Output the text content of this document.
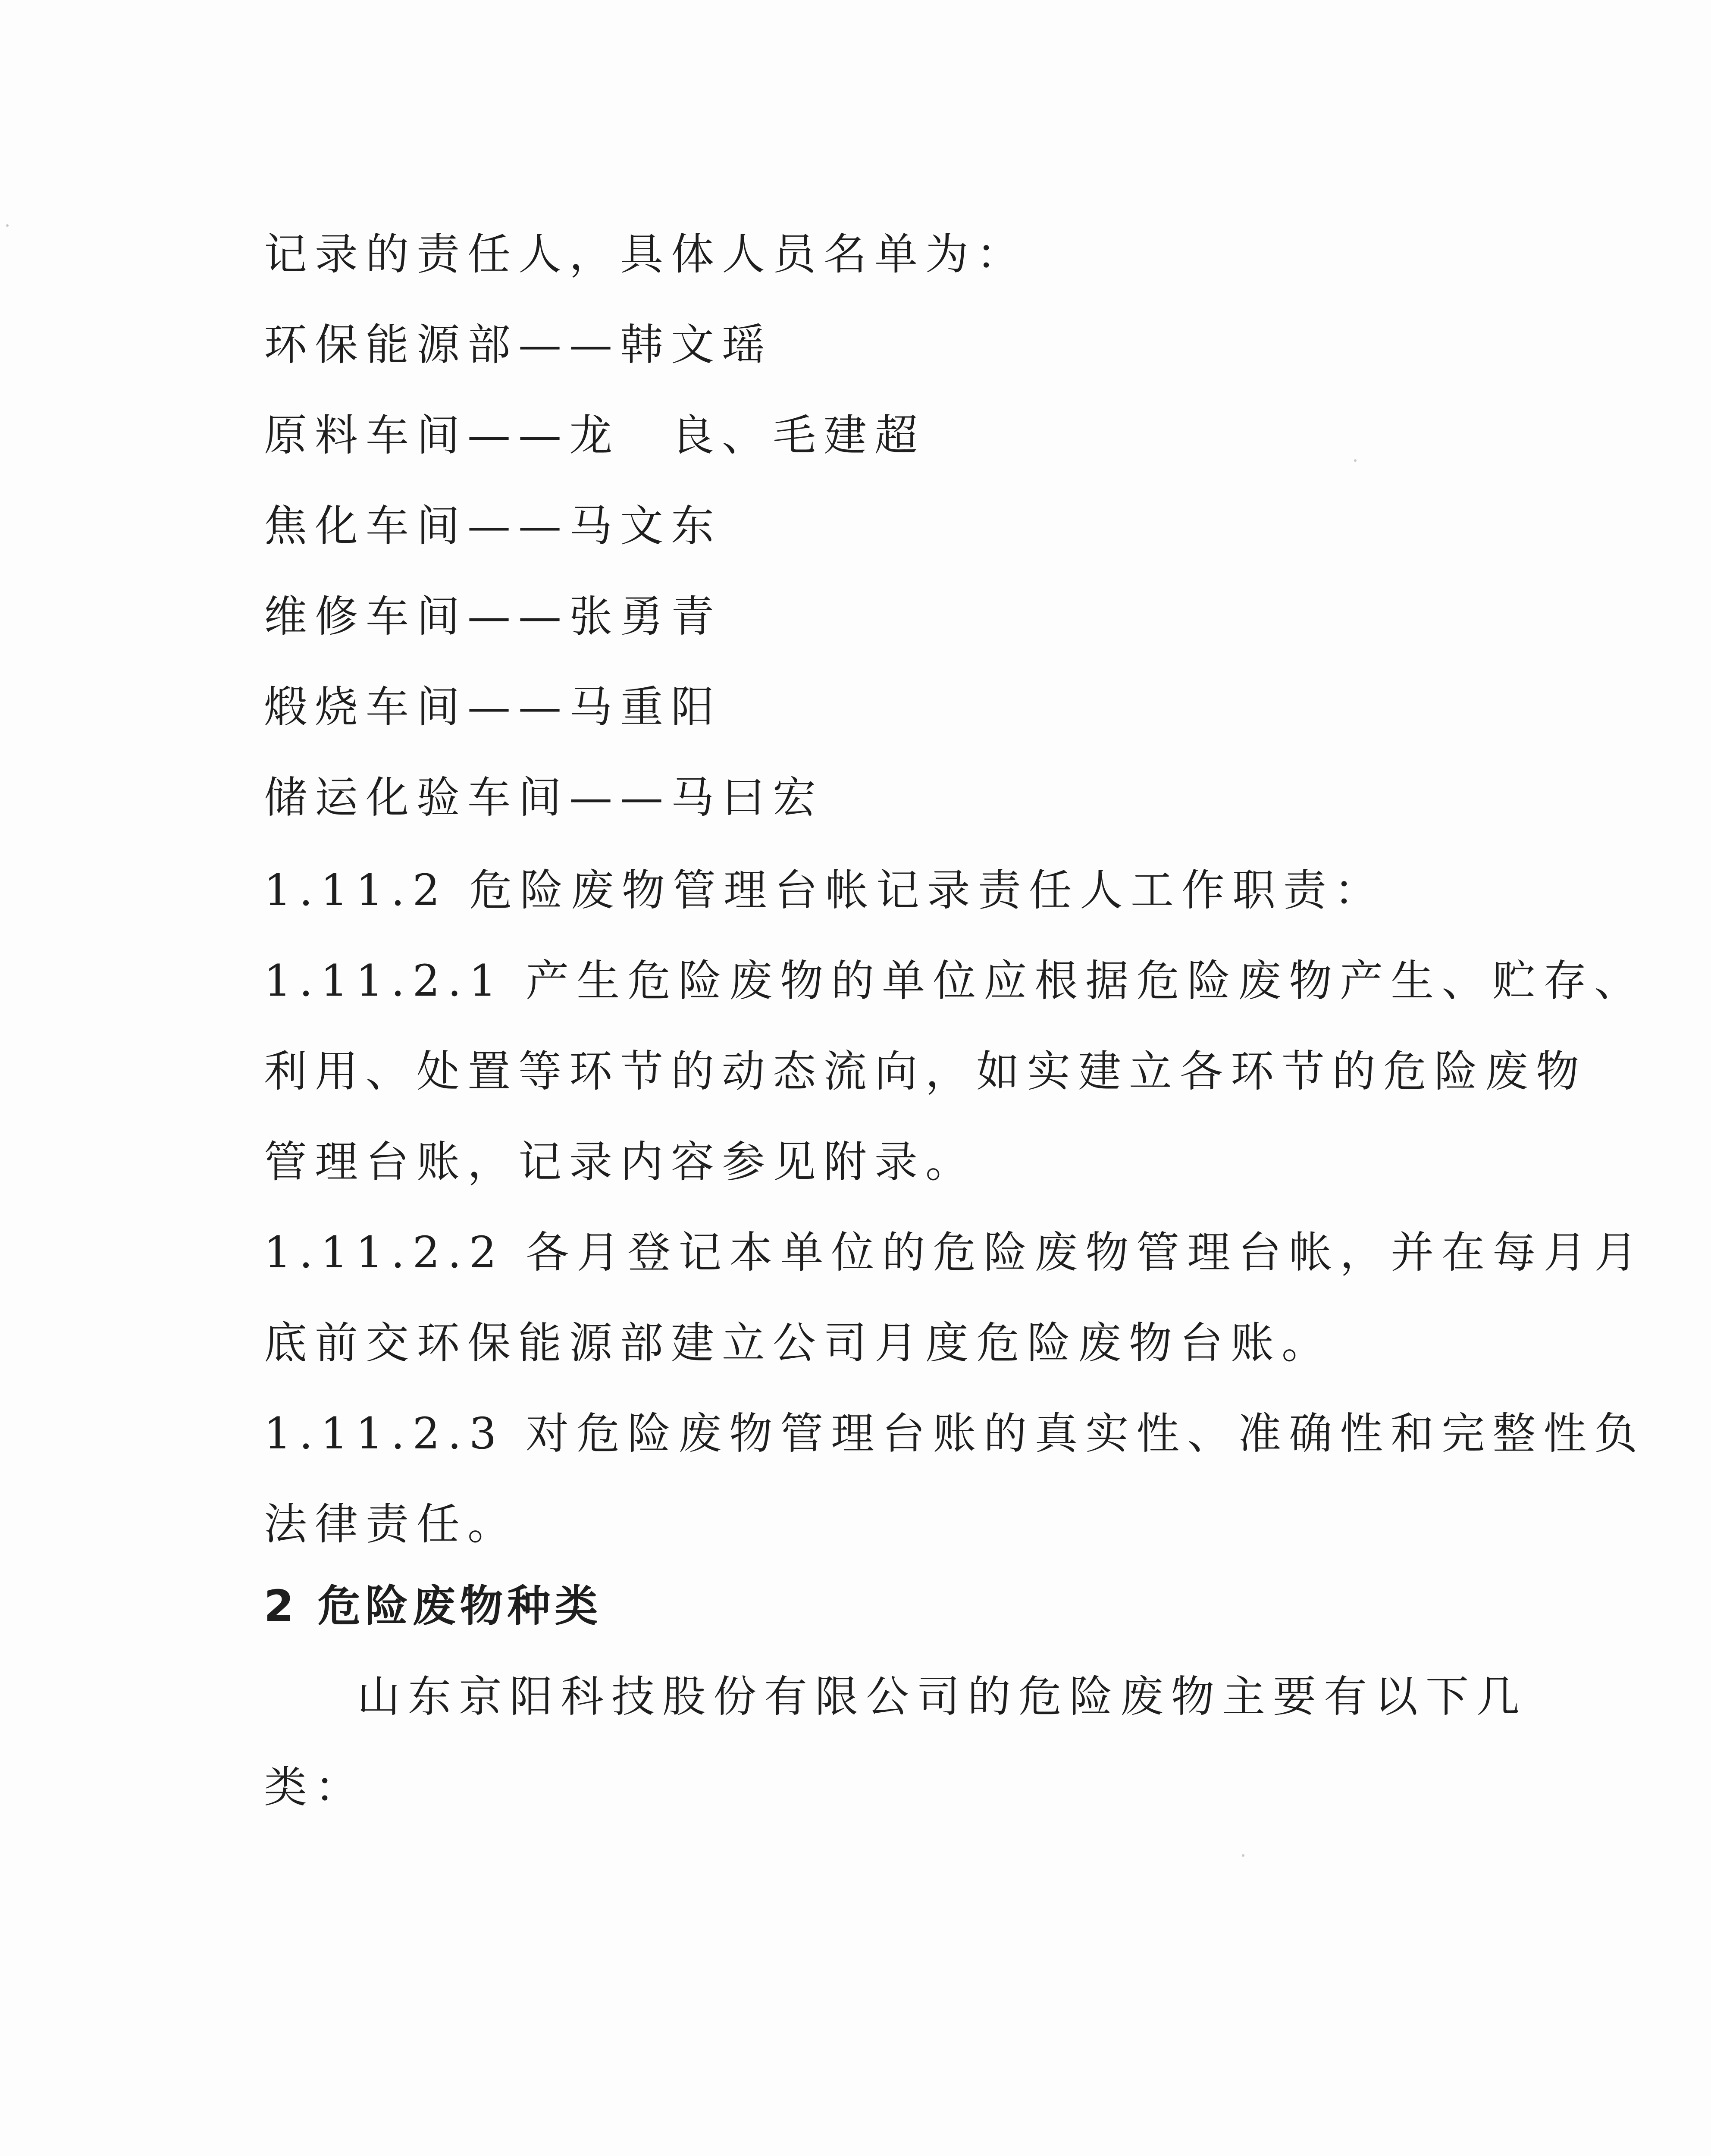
记录的责任人，具体人员名单为：
环保能源部——韩文瑶
原料车间——龙　良、毛建超
焦化车间——马文东
维修车间——张勇青
煅烧车间——马重阳
储运化验车间——马曰宏
1.11.2 危险废物管理台帐记录责任人工作职责：
1.11.2.1 产生危险废物的单位应根据危险废物产生、贮存、
利用、处置等环节的动态流向，如实建立各环节的危险废物
管理台账，记录内容参见附录。
1.11.2.2 各月登记本单位的危险废物管理台帐，并在每月月
底前交环保能源部建立公司月度危险废物台账。
1.11.2.3 对危险废物管理台账的真实性、准确性和完整性负
法律责任。
2 危险废物种类
山东京阳科技股份有限公司的危险废物主要有以下几
类：
